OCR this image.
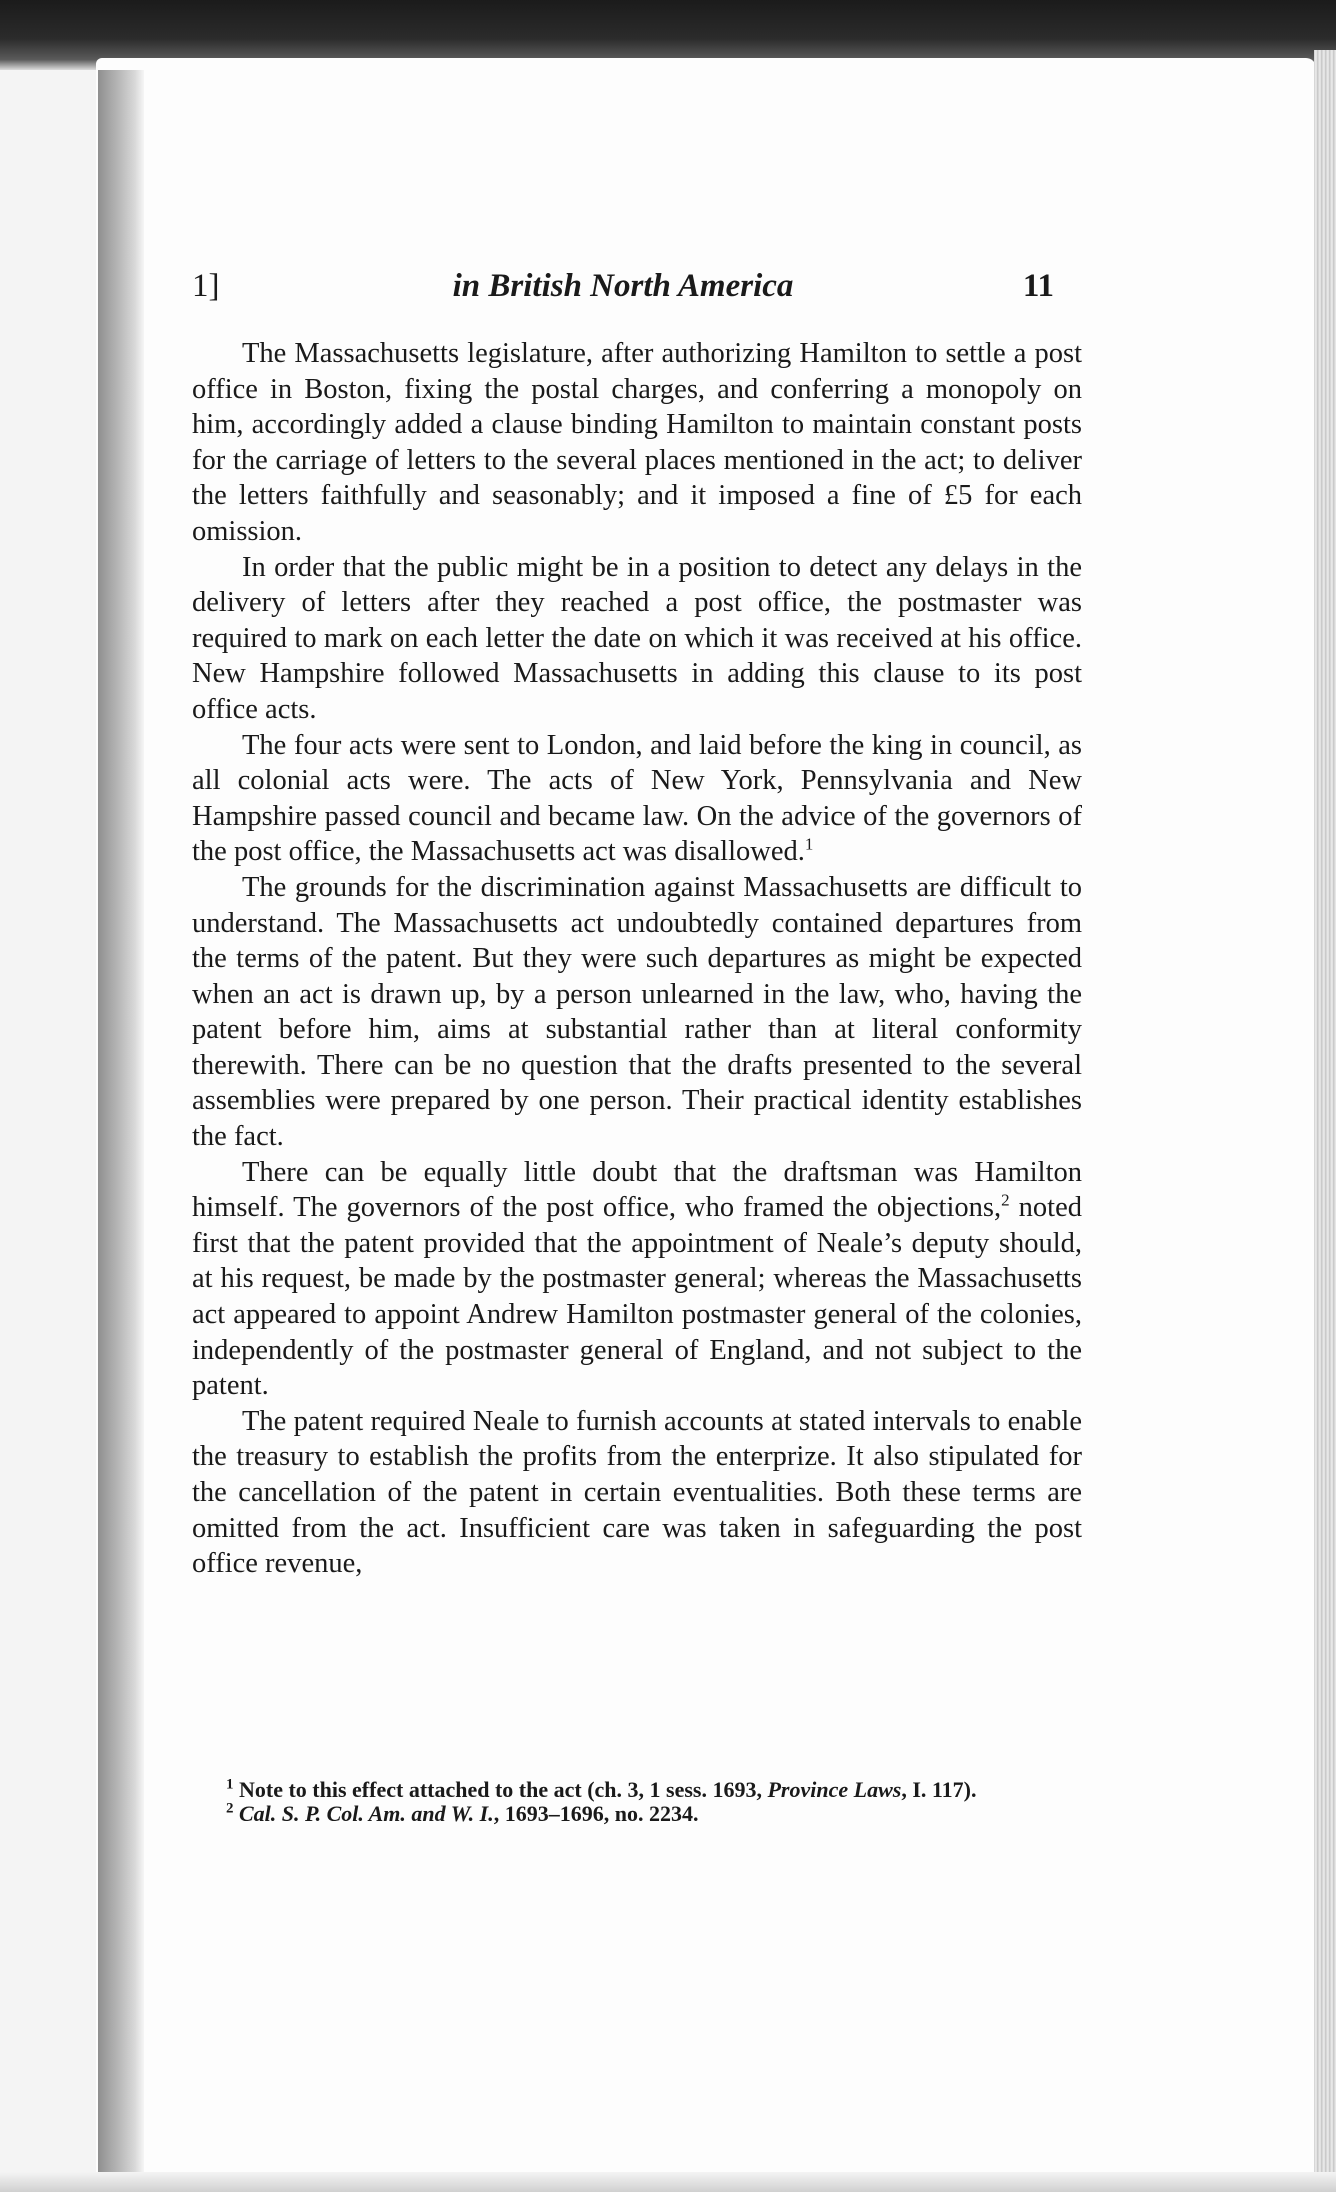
1]	in British North America	11

The Massachusetts legislature, after authorizing Hamilton to settle a post office in Boston, fixing the postal charges, and conferring a monopoly on him, accordingly added a clause binding Hamilton to maintain constant posts for the carriage of letters to the several places mentioned in the act; to deliver the letters faithfully and seasonably; and it imposed a fine of £5 for each omission.

In order that the public might be in a position to detect any delays in the delivery of letters after they reached a post office, the postmaster was required to mark on each letter the date on which it was received at his office. New Hampshire followed Massachusetts in adding this clause to its post office acts.

The four acts were sent to London, and laid before the king in council, as all colonial acts were. The acts of New York, Pennsylvania and New Hampshire passed council and became law. On the advice of the governors of the post office, the Massachusetts act was disallowed.$^1$

The grounds for the discrimination against Massachusetts are difficult to understand. The Massachusetts act undoubtedly contained departures from the terms of the patent. But they were such departures as might be expected when an act is drawn up, by a person unlearned in the law, who, having the patent before him, aims at substantial rather than at literal conformity therewith. There can be no question that the drafts presented to the several assemblies were prepared by one person. Their practical identity establishes the fact.

There can be equally little doubt that the draftsman was Hamilton himself. The governors of the post office, who framed the objections,$^2$ noted first that the patent provided that the appointment of Neale’s deputy should, at his request, be made by the postmaster general; whereas the Massachusetts act appeared to appoint Andrew Hamilton postmaster general of the colonies, independently of the postmaster general of England, and not subject to the patent.

The patent required Neale to furnish accounts at stated intervals to enable the treasury to establish the profits from the enterprize. It also stipulated for the cancellation of the patent in certain eventualities. Both these terms are omitted from the act. Insufficient care was taken in safeguarding the post office revenue,

$^1$ Note to this effect attached to the act (ch. 3, 1 sess. 1693, Province Laws, I. 117).

$^2$ Cal. S. P. Col. Am. and W. I., 1693–1696, no. 2234.
